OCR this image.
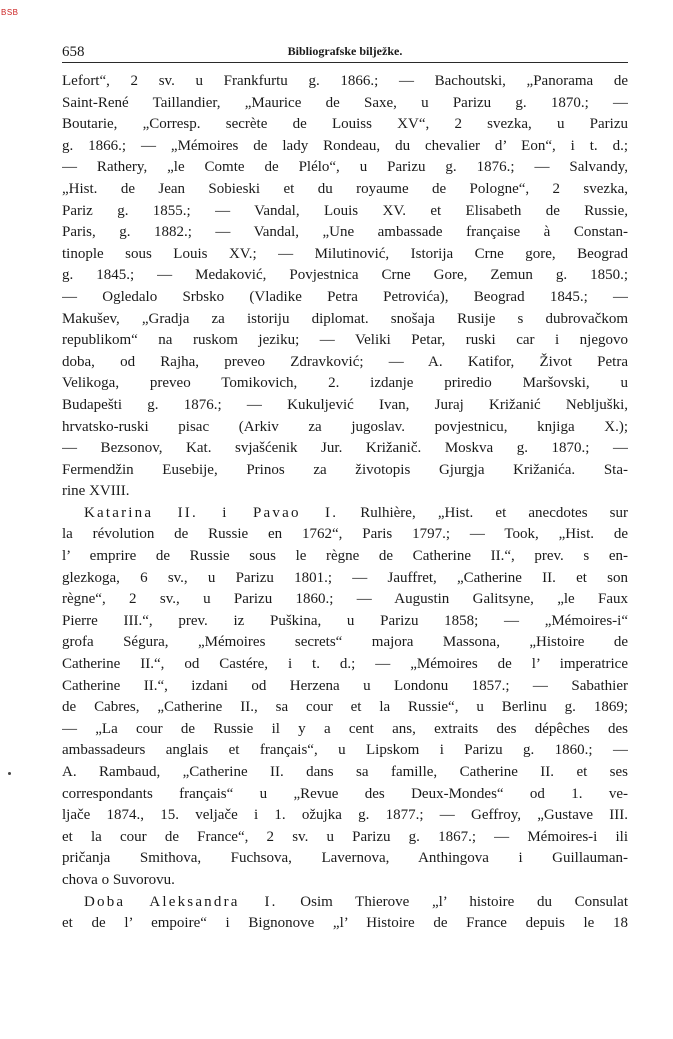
BSB
658	Bibliografske bilježke.
Lefort“, 2 sv. u Frankfurtu g. 1866.; — Bachoutski, „Panorama de
Saint-René Taillandier, „Maurice de Saxe, u Parizu g. 1870.; —
Boutarie, „Corresp. secrète de Louiss XV“, 2 svezka, u Parizu
g. 1866.; — „Mémoires de lady Rondeau, du chevalier d’ Eon“, i t. d.;
— Rathery, „le Comte de Plélo“, u Parizu g. 1876.; — Salvandy,
„Hist. de Jean Sobieski et du royaume de Pologne“, 2 svezka,
Pariz g. 1855.; — Vandal, Louis XV. et Elisabeth de Russie,
Paris, g. 1882.; — Vandal, „Une ambassade française à Constan-
tinople sous Louis XV.; — Milutinović, Istorija Crne gore, Beograd
g. 1845.; — Medaković, Povjestnica Crne Gore, Zemun g. 1850.;
— Ogledalo Srbsko (Vladike Petra Petrovića), Beograd 1845.; —
Makušev, „Gradja za istoriju diplomat. snošaja Rusije s dubrovačkom
republikom“ na ruskom jeziku; — Veliki Petar, ruski car i njegovo
doba, od Rajha, preveo Zdravković; — A. Katifor, Život Petra
Velikoga, preveo Tomikovich, 2. izdanje priredio Maršovski, u
Budapešti g. 1876.; — Kukuljević Ivan, Juraj Križanić Nebljuški,
hrvatsko-ruski pisac (Arkiv za jugoslav. povjestnicu, knjiga X.);
— Bezsonov, Kat. svjašćenik Jur. Križanič. Moskva g. 1870.; —
Fermendžin Eusebije, Prinos za životopis Gjurgja Križanića. Sta-
rine XVIII.
Katarina II. i Pavao I. Rulhière, „Hist. et anecdotes sur
la révolution de Russie en 1762“, Paris 1797.; — Took, „Hist. de
l’ emprire de Russie sous le règne de Catherine II.“, prev. s en-
glezkoga, 6 sv., u Parizu 1801.; — Jauffret, „Catherine II. et son
règne“, 2 sv., u Parizu 1860.; — Augustin Galitsyne, „le Faux
Pierre III.“, prev. iz Puškina, u Parizu 1858; — „Mémoires-i“
grofa Ségura, „Mémoires secrets“ majora Massona, „Histoire de
Catherine II.“, od Castére, i t. d.; — „Mémoires de l’ imperatrice
Catherine II.“, izdani od Herzena u Londonu 1857.; — Sabathier
de Cabres, „Catherine II., sa cour et la Russie“, u Berlinu g. 1869;
— „La cour de Russie il y a cent ans, extraits des dépêches des
ambassadeurs anglais et français“, u Lipskom i Parizu g. 1860.; —
A. Rambaud, „Catherine II. dans sa famille, Catherine II. et ses
correspondants français“ u „Revue des Deux-Mondes“ od 1. ve-
ljače 1874., 15. veljače i 1. ožujka g. 1877.; — Geffroy, „Gustave III.
et la cour de France“, 2 sv. u Parizu g. 1867.; — Mémoires-i ili
pričanja Smithova, Fuchsova, Lavernova, Anthingova i Guillauman-
chova o Suvorovu.
Doba Aleksandra I. Osim Thierove „l’ histoire du Consulat
et de l’ empoire“ i Bignonove „l’ Histoire de France depuis le 18
